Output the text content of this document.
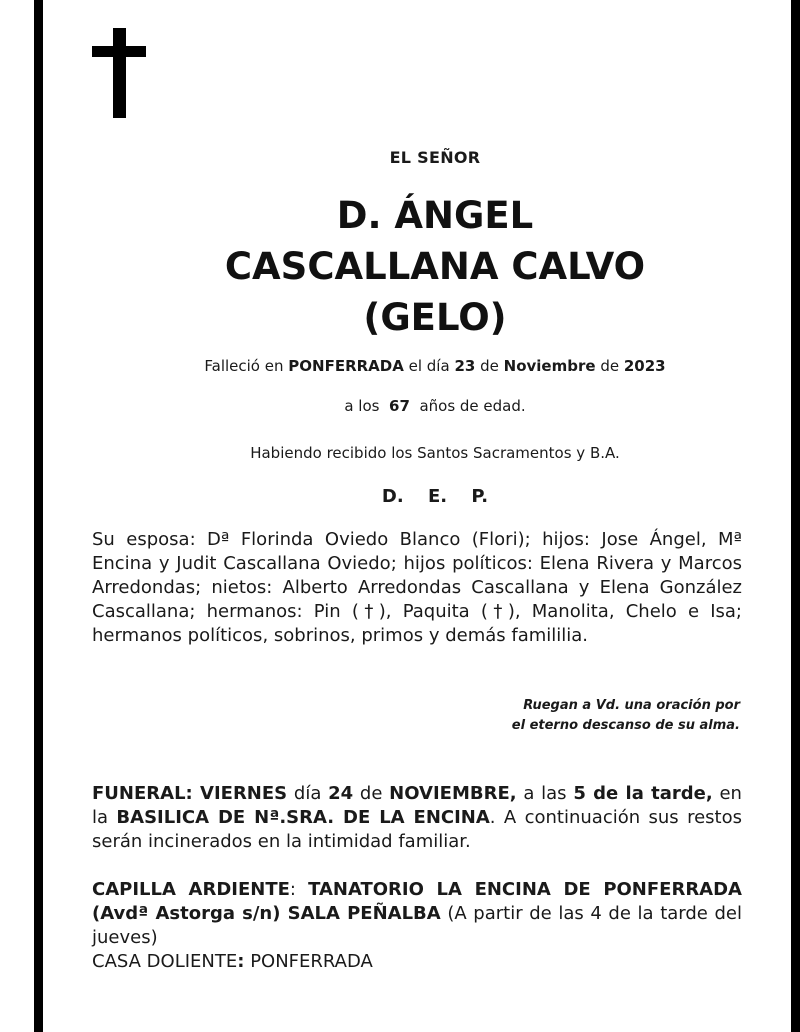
EL SEÑOR
D. ÁNGEL
CASCALLANA CALVO
(GELO)
Falleció en PONFERRADA el día 23 de Noviembre de 2023
a los 67 años de edad.
Habiendo recibido los Santos Sacramentos y B.A.
D. E. P.
Su esposa: Dª Florinda Oviedo Blanco (Flori); hijos: Jose Ángel, Mª Encina y Judit Cascallana Oviedo; hijos políticos: Elena Rivera y Marcos Arredondas; nietos: Alberto Arredondas Cascallana y Elena González Cascallana; hermanos: Pin (†), Paquita (†), Manolita, Chelo e Isa; hermanos políticos, sobrinos, primos y demás famililia.
Ruegan a Vd. una oración por
el eterno descanso de su alma.
FUNERAL: VIERNES día 24 de NOVIEMBRE, a las 5 de la tarde, en la BASILICA DE Nª.SRA. DE LA ENCINA. A continuación sus restos serán incinerados en la intimidad familiar.
CAPILLA ARDIENTE: TANATORIO LA ENCINA DE PONFERRADA (Avdª Astorga s/n) SALA PEÑALBA (A partir de las 4 de la tarde del jueves)
CASA DOLIENTE: PONFERRADA
